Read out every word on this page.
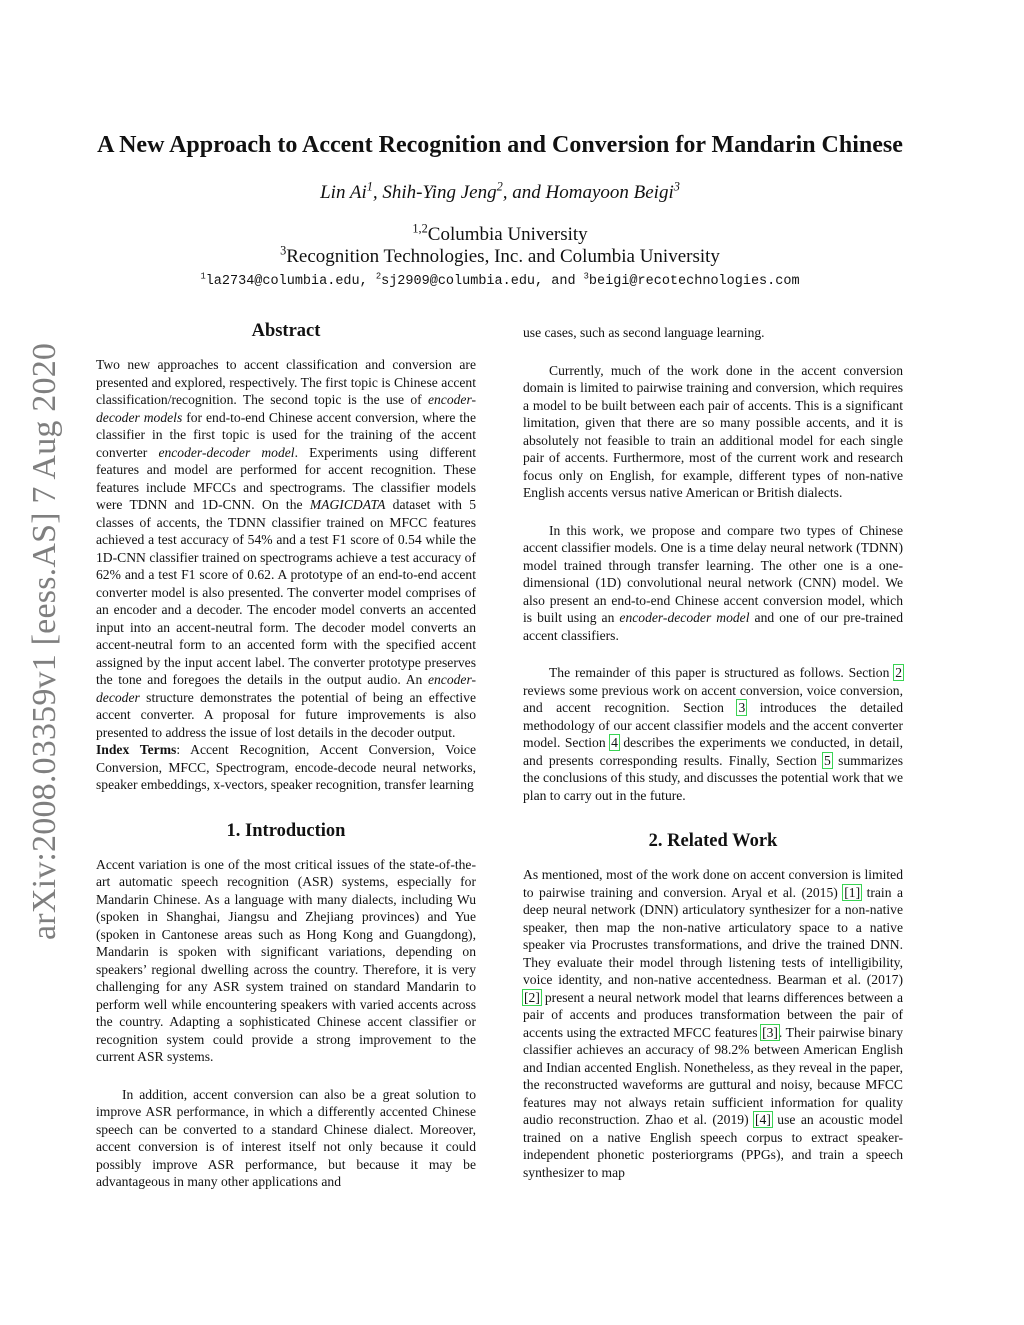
arXiv:2008.03359v1 [eess.AS] 7 Aug 2020
A New Approach to Accent Recognition and Conversion for Mandarin Chinese
Lin Ai$^1$, Shih-Ying Jeng$^2$, and Homayoon Beigi$^3$
$^{1,2}$Columbia University
$^3$Recognition Technologies, Inc. and Columbia University
$^1$la2734@columbia.edu, $^2$sj2909@columbia.edu, and $^3$beigi@recotechnologies.com
Abstract

Two new approaches to accent classification and conversion are presented and explored, respectively. The first topic is Chinese accent classification/recognition. The second topic is the use of encoder-decoder models for end-to-end Chinese accent conversion, where the classifier in the first topic is used for the training of the accent converter encoder-decoder model. Experiments using different features and model are performed for accent recognition. These features include MFCCs and spectrograms. The classifier models were TDNN and 1D-CNN. On the MAGICDATA dataset with 5 classes of accents, the TDNN classifier trained on MFCC features achieved a test accuracy of 54% and a test F1 score of 0.54 while the 1D-CNN classifier trained on spectrograms achieve a test accuracy of 62% and a test F1 score of 0.62. A prototype of an end-to-end accent converter model is also presented. The converter model comprises of an encoder and a decoder. The encoder model converts an accented input into an accent-neutral form. The decoder model converts an accent-neutral form to an accented form with the specified accent assigned by the input accent label. The converter prototype preserves the tone and foregoes the details in the output audio. An encoder-decoder structure demonstrates the potential of being an effective accent converter. A proposal for future improvements is also presented to address the issue of lost details in the decoder output.

Index Terms: Accent Recognition, Accent Conversion, Voice Conversion, MFCC, Spectrogram, encode-decode neural networks, speaker embeddings, x-vectors, speaker recognition, transfer learning

1. Introduction

Accent variation is one of the most critical issues of the state-of-the-art automatic speech recognition (ASR) systems, especially for Mandarin Chinese. As a language with many dialects, including Wu (spoken in Shanghai, Jiangsu and Zhejiang provinces) and Yue (spoken in Cantonese areas such as Hong Kong and Guangdong), Mandarin is spoken with significant variations, depending on speakers’ regional dwelling across the country. Therefore, it is very challenging for any ASR system trained on standard Mandarin to perform well while encountering speakers with varied accents across the country. Adapting a sophisticated Chinese accent classifier or recognition system could provide a strong improvement to the current ASR systems.

In addition, accent conversion can also be a great solution to improve ASR performance, in which a differently accented Chinese speech can be converted to a standard Chinese dialect. Moreover, accent conversion is of interest itself not only because it could possibly improve ASR performance, but because it may be advantageous in many other applications and

use cases, such as second language learning.

Currently, much of the work done in the accent conversion domain is limited to pairwise training and conversion, which requires a model to be built between each pair of accents. This is a significant limitation, given that there are so many possible accents, and it is absolutely not feasible to train an additional model for each single pair of accents. Furthermore, most of the current work and research focus only on English, for example, different types of non-native English accents versus native American or British dialects.

In this work, we propose and compare two types of Chinese accent classifier models. One is a time delay neural network (TDNN) model trained through transfer learning. The other one is a one-dimensional (1D) convolutional neural network (CNN) model. We also present an end-to-end Chinese accent conversion model, which is built using an encoder-decoder model and one of our pre-trained accent classifiers.

The remainder of this paper is structured as follows. Section 2 reviews some previous work on accent conversion, voice conversion, and accent recognition. Section 3 introduces the detailed methodology of our accent classifier models and the accent converter model. Section 4 describes the experiments we conducted, in detail, and presents corresponding results. Finally, Section 5 summarizes the conclusions of this study, and discusses the potential work that we plan to carry out in the future.

2. Related Work

As mentioned, most of the work done on accent conversion is limited to pairwise training and conversion. Aryal et al. (2015) [1] train a deep neural network (DNN) articulatory synthesizer for a non-native speaker, then map the non-native articulatory space to a native speaker via Procrustes transformations, and drive the trained DNN. They evaluate their model through listening tests of intelligibility, voice identity, and non-native accentedness. Bearman et al. (2017) [2] present a neural network model that learns differences between a pair of accents and produces transformation between the pair of accents using the extracted MFCC features [3]. Their pairwise binary classifier achieves an accuracy of 98.2% between American English and Indian accented English. Nonetheless, as they reveal in the paper, the reconstructed waveforms are guttural and noisy, because MFCC features may not always retain sufficient information for quality audio reconstruction. Zhao et al. (2019) [4] use an acoustic model trained on a native English speech corpus to extract speaker-independent phonetic posteriorgrams (PPGs), and train a speech synthesizer to map
